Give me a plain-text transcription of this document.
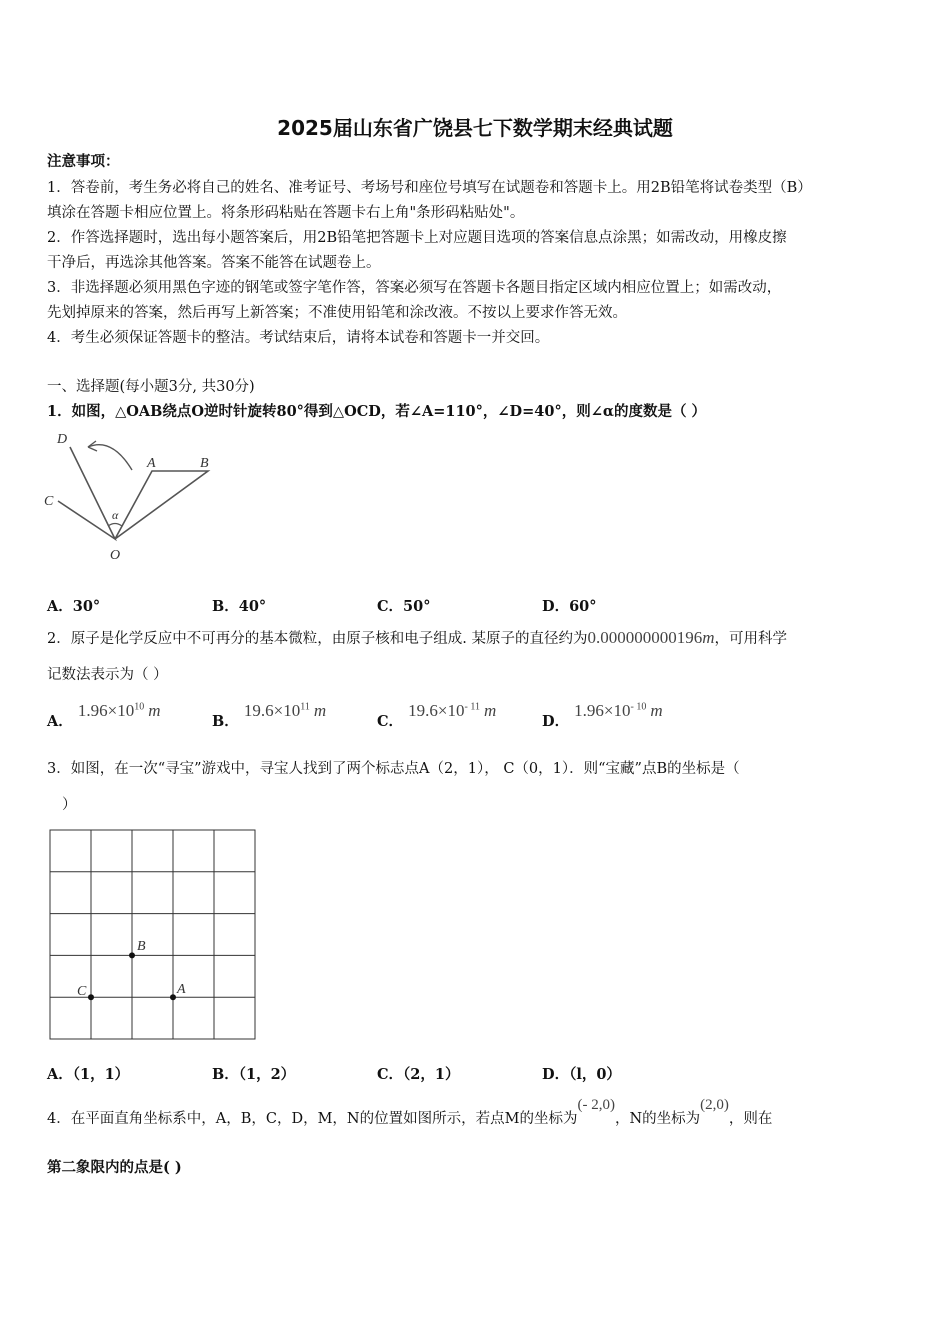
2025届山东省广饶县七下数学期末经典试题
注意事项：
1．答卷前，考生务必将自己的姓名、准考证号、考场号和座位号填写在试题卷和答题卡上。用2B铅笔将试卷类型（B）
填涂在答题卡相应位置上。将条形码粘贴在答题卡右上角"条形码粘贴处"。
2．作答选择题时，选出每小题答案后，用2B铅笔把答题卡上对应题目选项的答案信息点涂黑；如需改动，用橡皮擦
干净后，再选涂其他答案。答案不能答在试题卷上。
3．非选择题必须用黑色字迹的钢笔或签字笔作答，答案必须写在答题卡各题目指定区域内相应位置上；如需改动，
先划掉原来的答案，然后再写上新答案；不准使用铅笔和涂改液。不按以上要求作答无效。
4．考生必须保证答题卡的整洁。考试结束后，请将本试卷和答题卡一并交回。
一、选择题(每小题3分, 共30分)
1．如图，△OAB绕点O逆时针旋转80°得到△OCD，若∠A=110°，∠D=40°，则∠α的度数是（ ）
D
C
A	B
O
α
A．30°	B．40°	C．50°	D．60°
2．原子是化学反应中不可再分的基本微粒，由原子核和电子组成. 某原子的直径约为0.000000000196m，可用科学
记数法表示为（ ）
A． $1.96\times 10^{10}$ m
B． $19.6\times 10^{11}$ m
C． $19.6\times 10^{- 11}$ m
D． $1.96\times 10^{- 10}$ m
3．如图，在一次“寻宝”游戏中，寻宝人找到了两个标志点A（2，1）， C（0，1）．则“宝藏”点B的坐标是（
）
B
C	A
A．（1，1）	B．（1，2）	C．（2，1）	D．（l，0）
4．在平面直角坐标系中，A，B，C，D，M，N的位置如图所示，若点M的坐标为(- 2,0)，N的坐标为(2,0)，则在
第二象限内的点是( )
